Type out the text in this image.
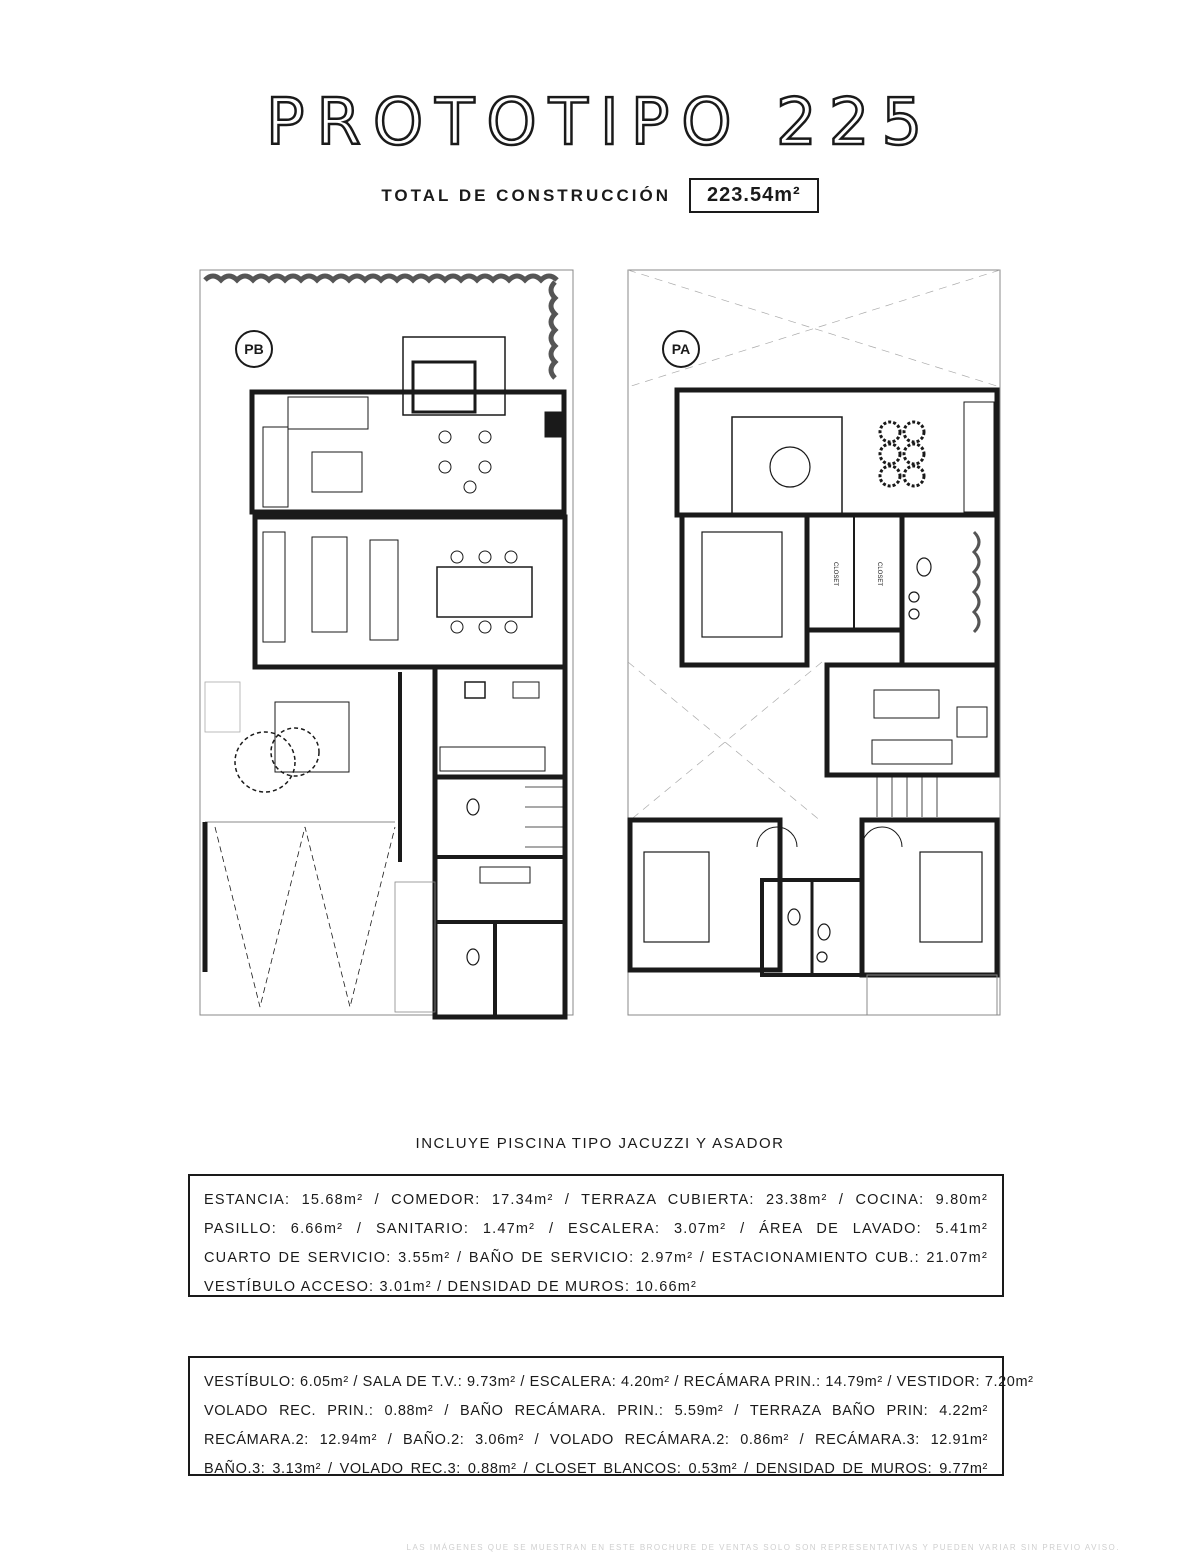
PROTOTIPO 225
TOTAL DE CONSTRUCCIÓN	223.54m²
PB
CLOSET	CLOSET
PA
INCLUYE PISCINA TIPO JACUZZI Y ASADOR

ESTANCIA: 15.68m² / COMEDOR: 17.34m² / TERRAZA CUBIERTA: 23.38m² / COCINA: 9.80m²

PASILLO: 6.66m² / SANITARIO: 1.47m² / ESCALERA: 3.07m² / ÁREA DE LAVADO: 5.41m²

CUARTO DE SERVICIO: 3.55m² / BAÑO DE SERVICIO: 2.97m² / ESTACIONAMIENTO CUB.: 21.07m²

VESTÍBULO ACCESO: 3.01m² / DENSIDAD DE MUROS: 10.66m²

VESTÍBULO: 6.05m² / SALA DE T.V.: 9.73m² / ESCALERA: 4.20m² / RECÁMARA PRIN.: 14.79m² / VESTIDOR: 7.20m²

VOLADO REC. PRIN.: 0.88m² / BAÑO RECÁMARA. PRIN.: 5.59m² / TERRAZA BAÑO PRIN: 4.22m²

RECÁMARA.2: 12.94m² / BAÑO.2: 3.06m² / VOLADO RECÁMARA.2: 0.86m² / RECÁMARA.3: 12.91m²

BAÑO.3: 3.13m² / VOLADO REC.3: 0.88m² / CLOSET BLANCOS: 0.53m² / DENSIDAD DE MUROS: 9.77m²

LAS IMÁGENES QUE SE MUESTRAN EN ESTE BROCHURE DE VENTAS SOLO SON REPRESENTATIVAS Y PUEDEN VARIAR SIN PREVIO AVISO.
